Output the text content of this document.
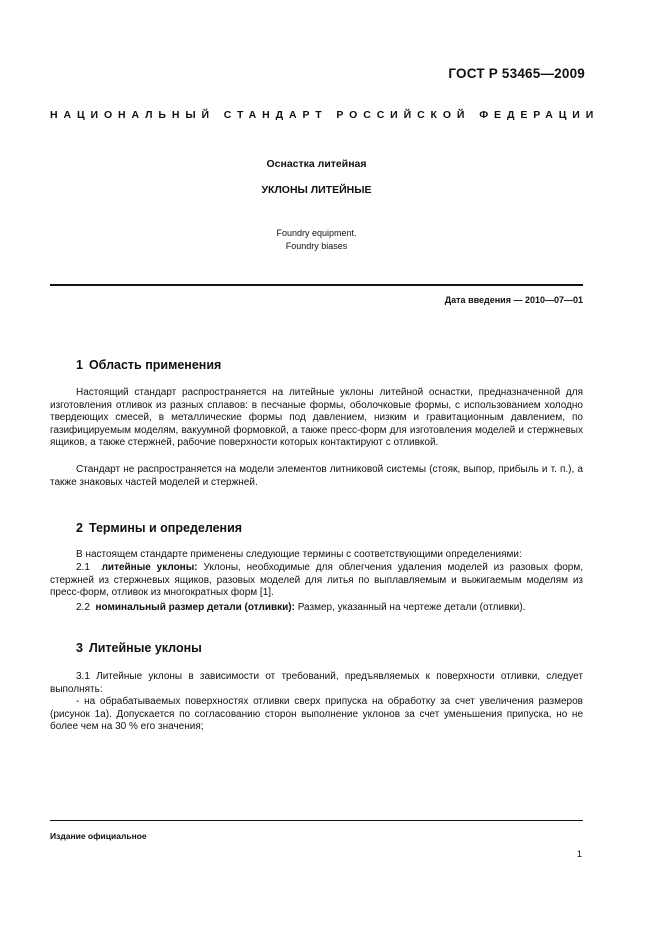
ГОСТ Р 53465—2009
НАЦИОНАЛЬНЫЙ СТАНДАРТ РОССИЙСКОЙ ФЕДЕРАЦИИ
Оснастка литейная
УКЛОНЫ ЛИТЕЙНЫЕ
Foundry equipment.
Foundry biases
Дата введения — 2010—07—01
1 Область применения

Настоящий стандарт распространяется на литейные уклоны литейной оснастки, предназначенной для изготовления отливок из разных сплавов: в песчаные формы, оболочковые формы, с использованием холодно твердеющих смесей, в металлические формы под давлением, низким и гравитационным давлением, по газифицируемым моделям, вакуумной формовкой, а также пресс-форм для изготовления моделей и стержневых ящиков, а также стержней, рабочие поверхности которых контактируют с отливкой.

Стандарт не распространяется на модели элементов литниковой системы (стояк, выпор, прибыль и т. п.), а также знаковых частей моделей и стержней.

2 Термины и определения

В настоящем стандарте применены следующие термины с соответствующими определениями:

2.1 литейные уклоны: Уклоны, необходимые для облегчения удаления моделей из разовых форм, стержней из стержневых ящиков, разовых моделей для литья по выплавляемым и выжигаемым моделям из пресс-форм, отливок из многократных форм [1].

2.2 номинальный размер детали (отливки): Размер, указанный на чертеже детали (отливки).

3 Литейные уклоны

3.1 Литейные уклоны в зависимости от требований, предъявляемых к поверхности отливки, следует выполнять:

- на обрабатываемых поверхностях отливки сверх припуска на обработку за счет увеличения размеров (рисунок 1а). Допускается по согласованию сторон выполнение уклонов за счет уменьшения припуска, но не более чем на 30 % его значения;

Издание официальное
1
